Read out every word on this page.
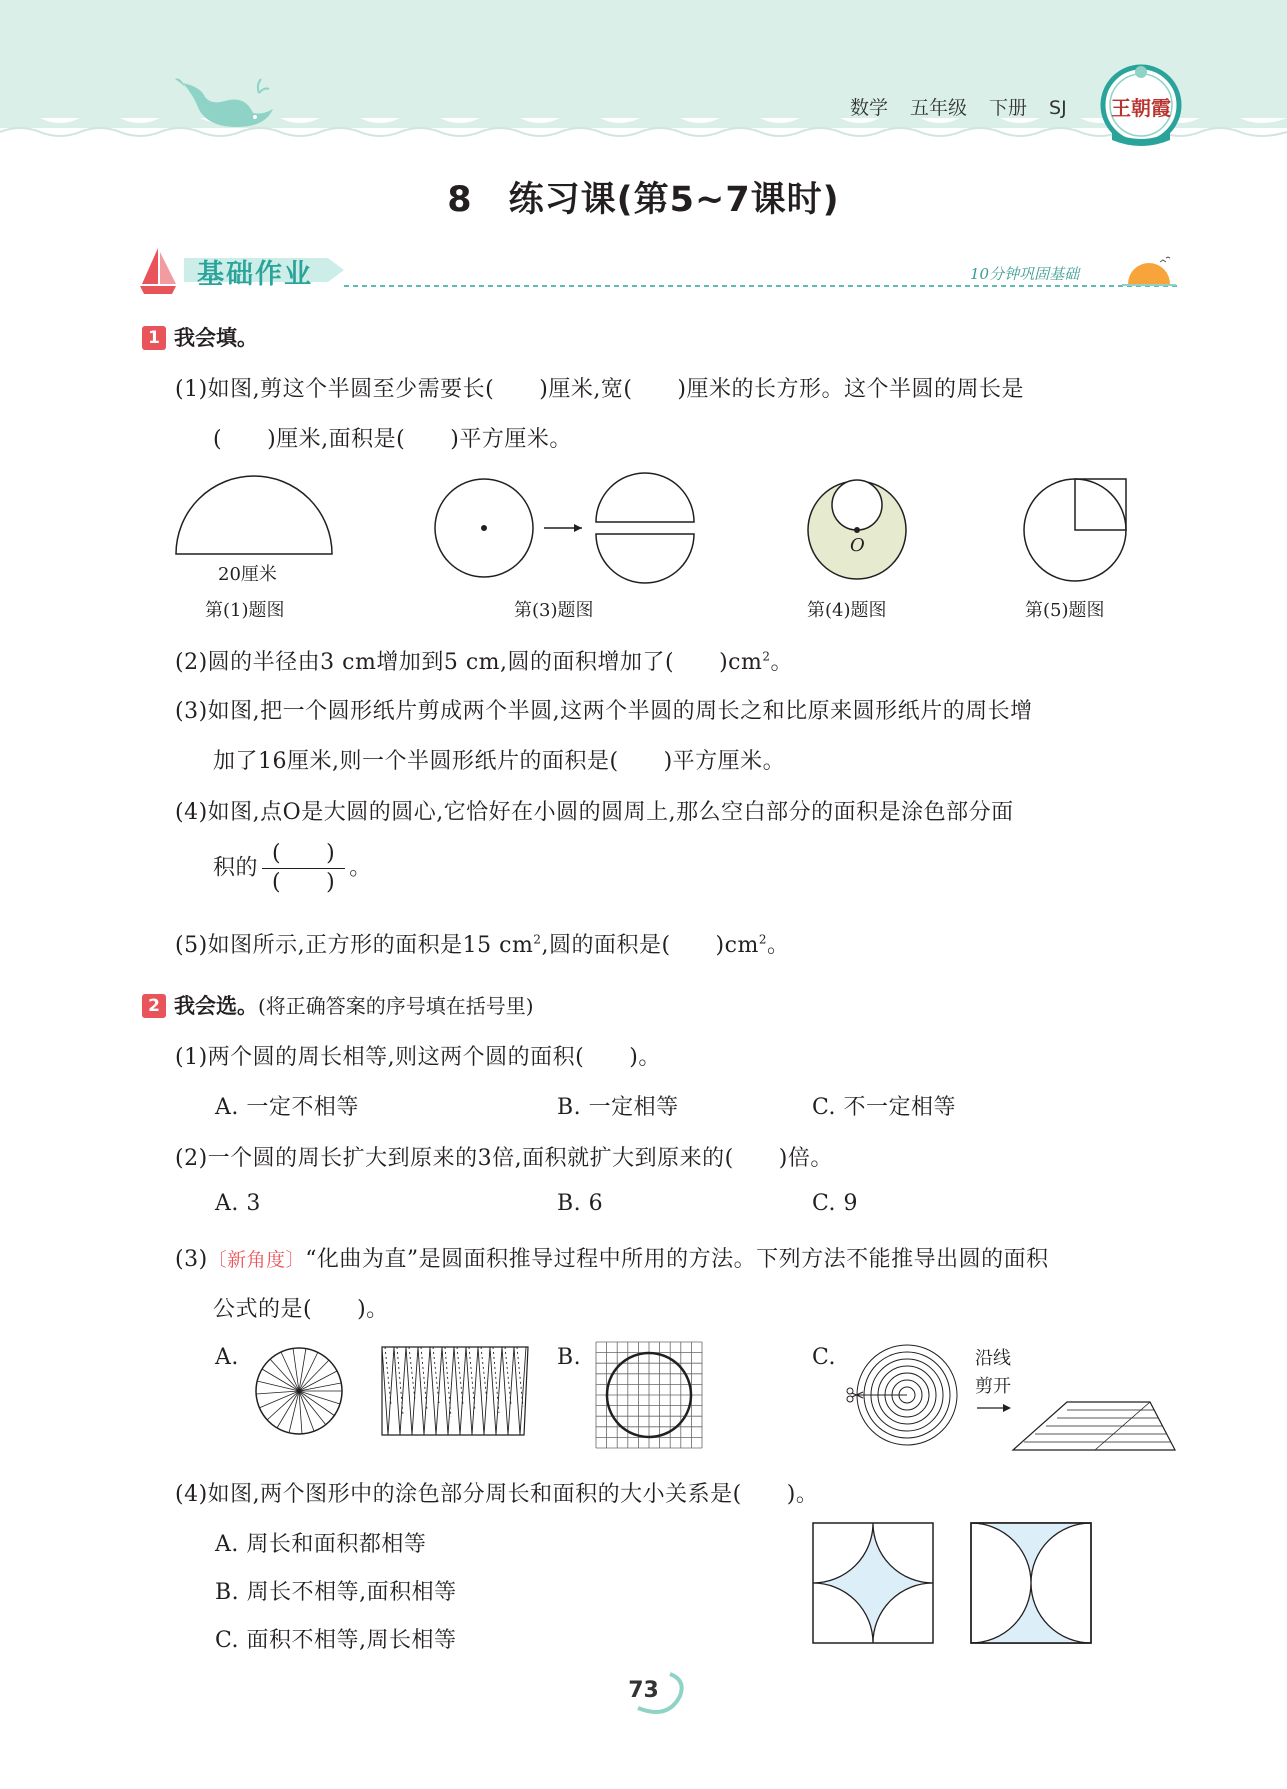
数学 五年级 下册 SJ	王朝霞
8　练习课(第5~7课时)
基础作业	10分钟巩固基础
1 我会填。
(1)如图,剪这个半圆至少需要长(　　)厘米,宽(　　)厘米的长方形。这个半圆的周长是
(　　)厘米,面积是(　　)平方厘米。
20厘米
第(1)题图	第(3)题图
O
第(4)题图	第(5)题图
(2)圆的半径由3 cm增加到5 cm,圆的面积增加了(　　)$cm^2$。
(3)如图,把一个圆形纸片剪成两个半圆,这两个半圆的周长之和比原来圆形纸片的周长增
加了16厘米,则一个半圆形纸片的面积是(　　)平方厘米。
(4)如图,点O是大圆的圆心,它恰好在小圆的圆周上,那么空白部分的面积是涂色部分面
积的 $\frac{( )}{( )}$ 。
(5)如图所示,正方形的面积是15 $cm^2$,圆的面积是(　　)$cm^2$。
2 我会选。(将正确答案的序号填在括号里)
(1)两个圆的周长相等,则这两个圆的面积(　　)。
A. 一定不相等	B. 一定相等	C. 不一定相等
(2)一个圆的周长扩大到原来的3倍,面积就扩大到原来的(　　)倍。
A. 3	B. 6	C. 9
(3)〔新角度〕“化曲为直”是圆面积推导过程中所用的方法。下列方法不能推导出圆的面积
公式的是(　　)。
A.	B.	C.	沿线
剪开
(4)如图,两个图形中的涂色部分周长和面积的大小关系是(　　)。
A. 周长和面积都相等
B. 周长不相等,面积相等
C. 面积不相等,周长相等
73
